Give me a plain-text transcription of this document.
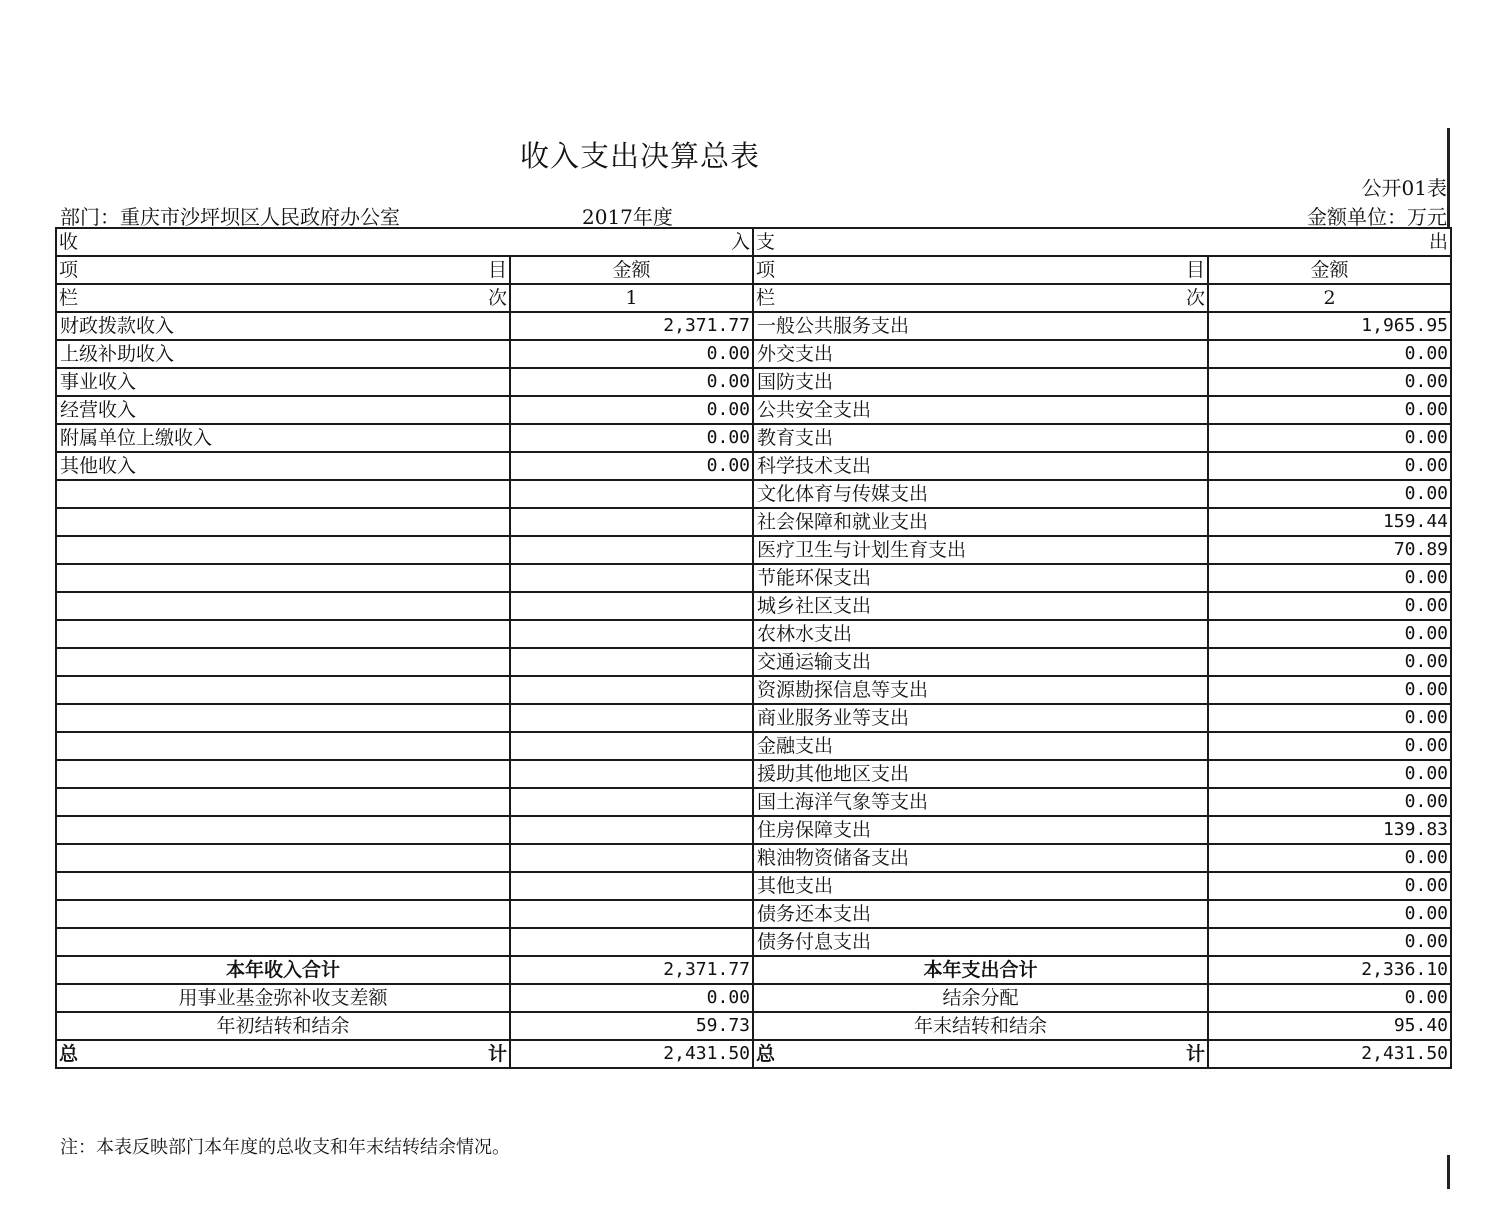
收入支出决算总表
公开01表
部门：重庆市沙坪坝区人民政府办公室	2017年度	金额单位：万元
收 入		支 出	

项 目	金额	项 目	金额

栏 次	1	栏 次	2
财政拨款收入	2,371.77	一般公共服务支出	1,965.95
上级补助收入	0.00	外交支出	0.00
事业收入	0.00	国防支出	0.00
经营收入	0.00	公共安全支出	0.00
附属单位上缴收入	0.00	教育支出	0.00
其他收入	0.00	科学技术支出	0.00
		文化体育与传媒支出	0.00
		社会保障和就业支出	159.44
		医疗卫生与计划生育支出	70.89
		节能环保支出	0.00
		城乡社区支出	0.00
		农林水支出	0.00
		交通运输支出	0.00
		资源勘探信息等支出	0.00
		商业服务业等支出	0.00
		金融支出	0.00
		援助其他地区支出	0.00
		国土海洋气象等支出	0.00
		住房保障支出	139.83
		粮油物资储备支出	0.00
		其他支出	0.00
		债务还本支出	0.00
		债务付息支出	0.00
本年收入合计	2,371.77	本年支出合计	2,336.10
用事业基金弥补收支差额	0.00	结余分配	0.00
年初结转和结余	59.73	年末结转和结余	95.40

总 计	2,431.50	总 计	2,431.50
注：本表反映部门本年度的总收支和年末结转结余情况。
